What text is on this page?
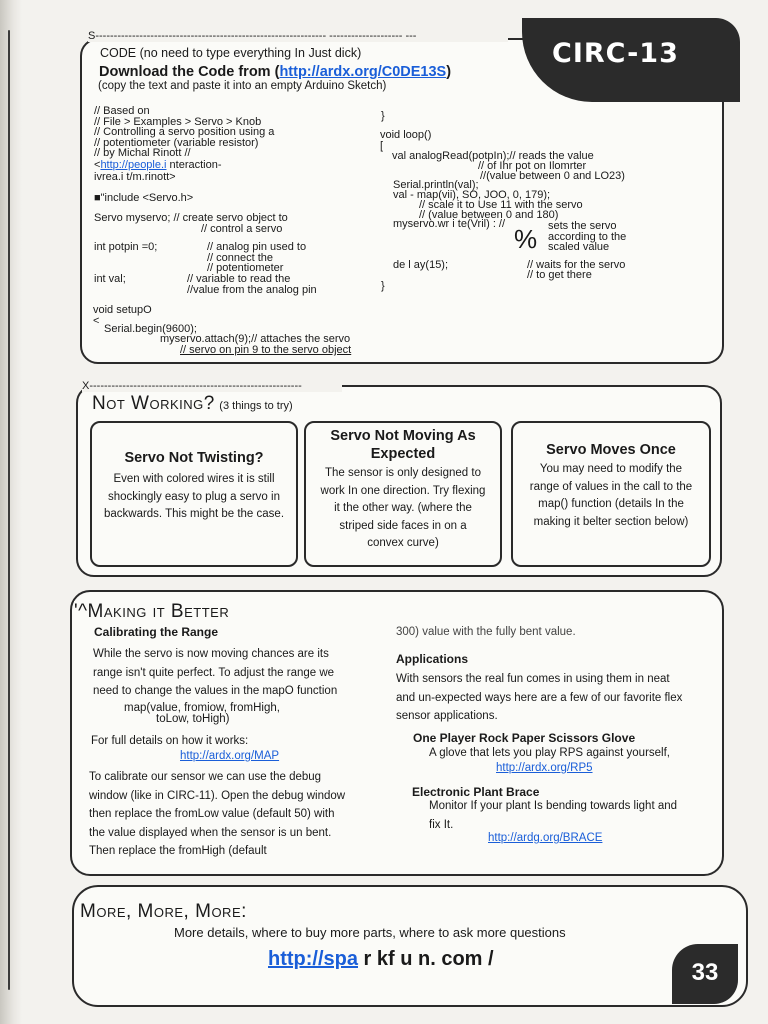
S--------------------------------------------------------------- -------------------- ---
CIRC-13
CODE (no need to type everything In Just dick)
Download the Code from (http://ardx.org/C0DE13S)
(copy the text and paste it into an empty Arduino Sketch)
// Based on
// File > Examples > Servo > Knob
// Controlling a servo position using a
// potentiometer (variable resistor)
// by Michal Rinott //
<http://people.i nteraction-
ivrea.i t/m.rinott>
■"include <Servo.h>
Servo myservo; // create servo object to
// control a servo
int potpin =0;	// analog pin used to
// connect the
// potentiometer
int val;	// variable to read the
//value from the analog pin
void setupO
<
Serial.begin(9600);
myservo.attach(9);// attaches the servo
// servo on pin 9 to the servo object
}
void loop()
[
val analogRead(potpIn);// reads the value
// of Ihr pot on Ilomrter
//(value between 0 and LO23)
Serial.println(val);
val - map(vii), SO, JOO, 0, 179);
// scale it to Use 11 with the servo
// (value between 0 and 180)
myservo.wr i te(Vril) : //	sets the servo
according to the
scaled value
%
de l ay(15);	// waits for the servo
// to get there
}
X----------------------------------------------------------
Not Working? (3 things to try)
Servo Not Twisting?

Even with colored wires it is still shockingly easy to plug a servo in backwards. This might be the case.

Servo Not Moving As Expected

The sensor is only designed to work In one direction. Try flexing it the other way. (where the striped side faces in on a convex curve)

Servo Moves Once

You may need to modify the range of values in the call to the map() function (details In the making it belter section below)

'^Making it Better
Calibrating the Range
While the servo is now moving chances are its range isn't quite perfect. To adjust the range we need to change the values in the mapO function
map(value, fromiow, fromHigh,
toLow, toHigh)
For full details on how it works:
http://ardx.org/MAP
To calibrate our sensor we can use the debug window (like in CIRC-11). Open the debug window then replace the fromLow value (default 50) with the value displayed when the sensor is un bent. Then replace the fromHigh (default
300) value with the fully bent value.
Applications
With sensors the real fun comes in using them in neat and un-expected ways here are a few of our favorite flex sensor applications.
One Player Rock Paper Scissors Glove
A glove that lets you play RPS against yourself,
http://ardx.org/RP5
Electronic Plant Brace
Monitor If your plant Is bending towards light and fix It.
http://ardg.org/BRACE
More, More, More:
More details, where to buy more parts, where to ask more questions
http://spa r kf u n. com /	33
